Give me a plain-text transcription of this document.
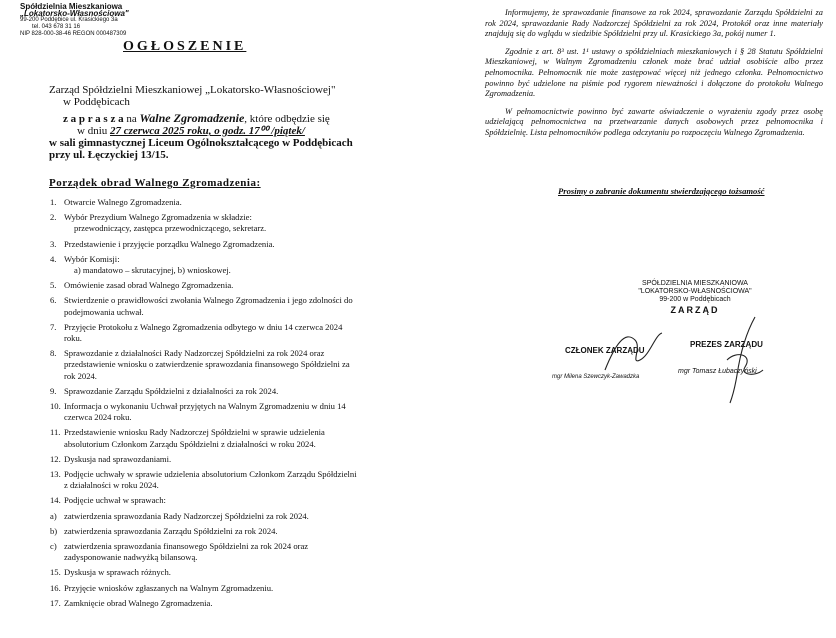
Spółdzielnia Mieszkaniowa
„Lokatorsko-Własnościowa"
99-200 Poddębice ul. Krasickiego 3a
tel. 043 678 31 16
NIP 828-000-38-46 REGON 000487309
OGŁOSZENIE
Zarząd Spółdzielni Mieszkaniowej „Lokatorsko-Własnościowej"
w Poddębicach
z a p r a s z a na Walne Zgromadzenie, które odbędzie się
w dniu 27 czerwca 2025 roku, o godz. 17⁰⁰ /piątek/
w sali gimnastycznej Liceum Ogólnokształcącego w Poddębicach przy ul. Łęczyckiej 13/15.
Porządek obrad Walnego Zgromadzenia:
1. Otwarcie Walnego Zgromadzenia.
2. Wybór Prezydium Walnego Zgromadzenia w składzie:
przewodniczący, zastępca przewodniczącego, sekretarz.
3. Przedstawienie i przyjęcie porządku Walnego Zgromadzenia.
4. Wybór Komisji:
a) mandatowo – skrutacyjnej, b) wnioskowej.
5. Omówienie zasad obrad Walnego Zgromadzenia.
6. Stwierdzenie o prawidłowości zwołania Walnego Zgromadzenia i jego zdolności do podejmowania uchwał.
7. Przyjęcie Protokołu z Walnego Zgromadzenia odbytego w dniu 14 czerwca 2024 roku.
8. Sprawozdanie z działalności Rady Nadzorczej Spółdzielni za rok 2024 oraz przedstawienie wniosku o zatwierdzenie sprawozdania finansowego Spółdzielni za rok 2024.
9. Sprawozdanie Zarządu Spółdzielni z działalności za rok 2024.
10. Informacja o wykonaniu Uchwał przyjętych na Walnym Zgromadzeniu w dniu 14 czerwca 2024 roku.
11. Przedstawienie wniosku Rady Nadzorczej Spółdzielni w sprawie udzielenia absolutorium Członkom Zarządu Spółdzielni z działalności w roku 2024.
12. Dyskusja nad sprawozdaniami.
13. Podjęcie uchwały w sprawie udzielenia absolutorium Członkom Zarządu Spółdzielni z działalności w roku 2024.
14. Podjęcie uchwał w sprawach:
a) zatwierdzenia sprawozdania Rady Nadzorczej Spółdzielni za rok 2024.
b) zatwierdzenia sprawozdania Zarządu Spółdzielni za rok 2024.
c) zatwierdzenia sprawozdania finansowego Spółdzielni za rok 2024 oraz zadysponowanie nadwyżką bilansową.
15. Dyskusja w sprawach różnych.
16. Przyjęcie wniosków zgłaszanych na Walnym Zgromadzeniu.
17. Zamknięcie obrad Walnego Zgromadzenia.

Informujemy, że sprawozdanie finansowe za rok 2024, sprawozdanie Zarządu Spółdzielni za rok 2024, sprawozdanie Rady Nadzorczej Spółdzielni za rok 2024, Protokół oraz inne materiały znajdują się do wglądu w siedzibie Spółdzielni przy ul. Krasickiego 3a, pokój numer 1.

Zgodnie z art. 8³ ust. 1¹ ustawy o spółdzielniach mieszkaniowych i § 28 Statutu Spółdzielni Mieszkaniowej, w Walnym Zgromadzeniu członek może brać udział osobiście albo przez pełnomocnika. Pełnomocnik nie może zastępować więcej niż jednego członka. Pełnomocnictwo powinno być udzielone na piśmie pod rygorem nieważności i dołączone do protokołu Walnego Zgromadzenia.

W pełnomocnictwie powinno być zawarte oświadczenie o wyrażeniu zgody przez osobę udzielającą pełnomocnictwa na przetwarzanie danych osobowych przez pełnomocnika i Spółdzielnię. Lista pełnomocników podlega odczytaniu po rozpoczęciu Walnego Zgromadzenia.

Prosimy o zabranie dokumentu stwierdzającego tożsamość
SPÓŁDZIELNIA MIESZKANIOWA
"LOKATORSKO-WŁASNOŚCIOWA"
99-200 w Poddębicach
ZARZĄD
CZŁONEK ZARZĄDU
mgr Milena Szewczyk-Zawadzka
PREZES ZARZĄDU
mgr Tomasz Łubaczyński
